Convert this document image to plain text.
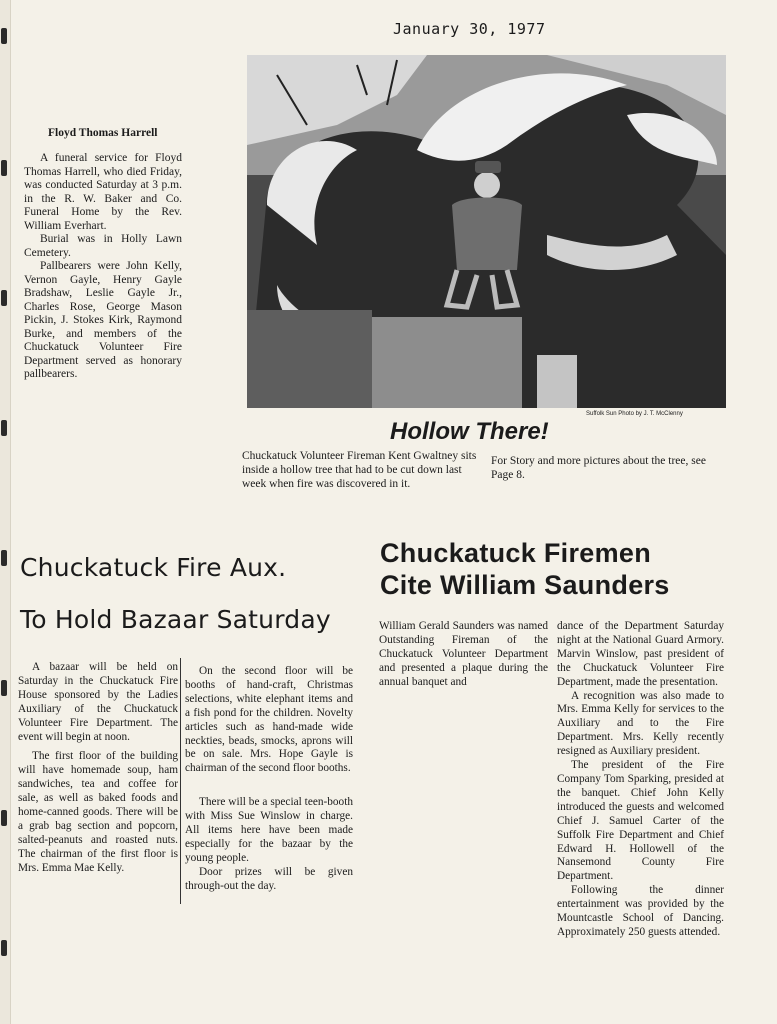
January 30, 1977
Floyd Thomas Harrell

A funeral service for Floyd Thomas Harrell, who died Friday, was conducted Saturday at 3 p.m. in the R. W. Baker and Co. Funeral Home by the Rev. William Everhart.

Burial was in Holly Lawn Cemetery.

Pallbearers were John Kelly, Vernon Gayle, Henry Gayle Bradshaw, Leslie Gayle Jr., Charles Rose, George Mason Pickin, J. Stokes Kirk, Raymond Burke, and members of the Chuckatuck Volunteer Fire Department served as honorary pallbearers.

Suffolk Sun Photo by J. T. McClenny
Hollow There!
Chuckatuck Volunteer Fireman Kent Gwaltney sits inside a hollow tree that had to be cut down last week when fire was discovered in it.
For Story and more pictures about the tree, see Page 8.
Chuckatuck Fire Aux.
To Hold Bazaar Saturday

A bazaar will be held on Saturday in the Chuckatuck Fire House sponsored by the Ladies Auxiliary of the Chuckatuck Volunteer Fire Department. The event will begin at noon.

The first floor of the building will have homemade soup, ham sandwiches, tea and coffee for sale, as well as baked foods and home-canned goods. There will be a grab bag section and popcorn, salted-peanuts and roasted nuts. The chairman of the first floor is Mrs. Emma Mae Kelly.

On the second floor will be booths of hand-craft, Christmas selections, white elephant items and a fish pond for the children. Novelty articles such as hand-made wide neckties, beads, smocks, aprons will be on sale. Mrs. Hope Gayle is chairman of the second floor booths.

There will be a special teen-booth with Miss Sue Winslow in charge. All items here have been made especially for the bazaar by the young people.

Door prizes will be given through-out the day.

Chuckatuck Firemen
Cite William Saunders

William Gerald Saunders was named Outstanding Fireman of the Chuckatuck Volunteer Department and presented a plaque during the annual banquet and

dance of the Department Saturday night at the National Guard Armory. Marvin Winslow, past president of the Chuckatuck Volunteer Fire Department, made the presentation.

A recognition was also made to Mrs. Emma Kelly for services to the Auxiliary and to the Fire Department. Mrs. Kelly recently resigned as Auxiliary president.

The president of the Fire Company Tom Sparking, presided at the banquet. Chief John Kelly introduced the guests and welcomed Chief J. Samuel Carter of the Suffolk Fire Department and Chief Edward H. Hollowell of the Nansemond County Fire Department.

Following the dinner entertainment was provided by the Mountcastle School of Dancing. Approximately 250 guests attended.
